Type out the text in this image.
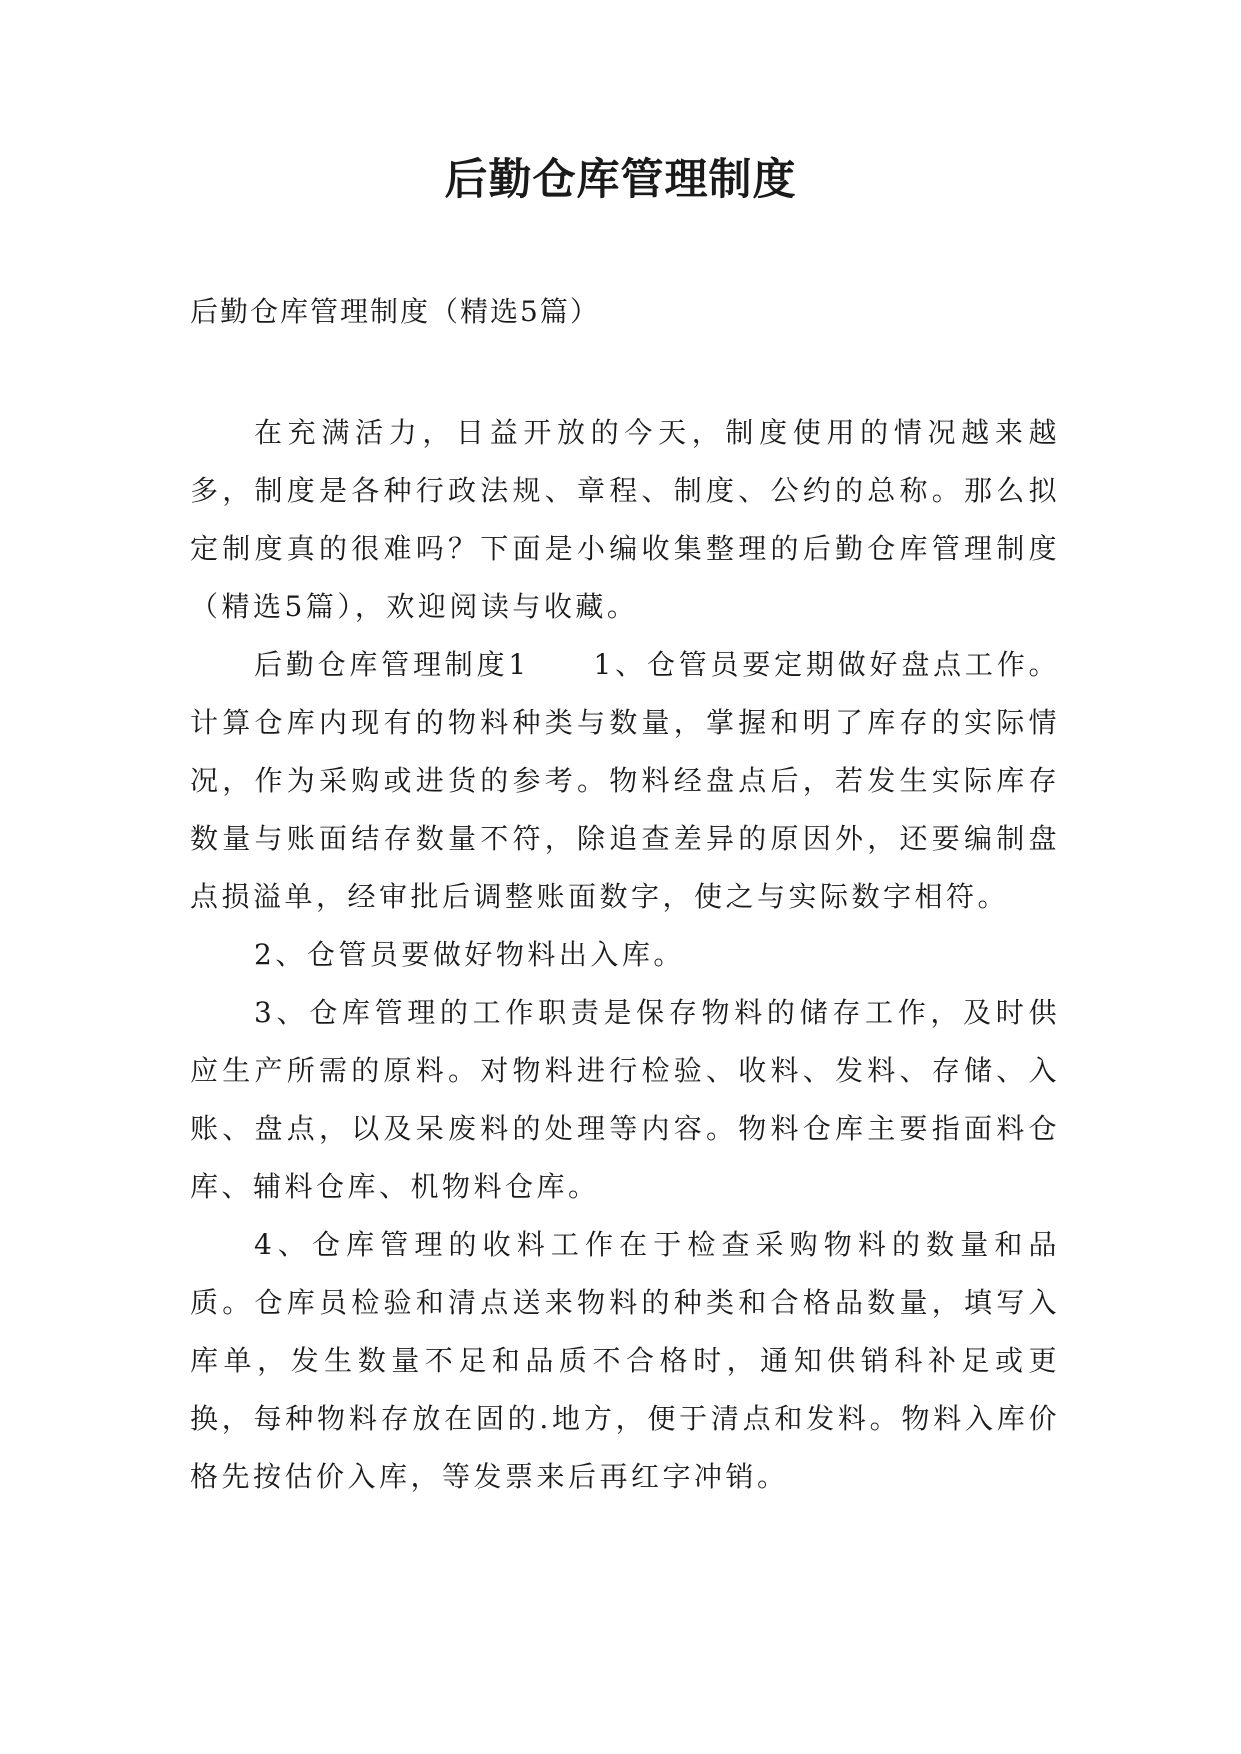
后勤仓库管理制度

后勤仓库管理制度（精选5篇）

在充满活力，日益开放的今天，制度使用的情况越来越多，制度是各种行政法规、章程、制度、公约的总称。那么拟定制度真的很难吗？下面是小编收集整理的后勤仓库管理制度（精选5篇），欢迎阅读与收藏。

后勤仓库管理制度1　　1、仓管员要定期做好盘点工作。计算仓库内现有的物料种类与数量，掌握和明了库存的实际情况，作为采购或进货的参考。物料经盘点后，若发生实际库存数量与账面结存数量不符，除追查差异的原因外，还要编制盘点损溢单，经审批后调整账面数字，使之与实际数字相符。

2、仓管员要做好物料出入库。

3、仓库管理的工作职责是保存物料的储存工作，及时供应生产所需的原料。对物料进行检验、收料、发料、存储、入账、盘点，以及呆废料的处理等内容。物料仓库主要指面料仓库、辅料仓库、机物料仓库。

4、仓库管理的收料工作在于检查采购物料的数量和品质。仓库员检验和清点送来物料的种类和合格品数量，填写入库单，发生数量不足和品质不合格时，通知供销科补足或更换，每种物料存放在固的.地方，便于清点和发料。物料入库价格先按估价入库，等发票来后再红字冲销。
